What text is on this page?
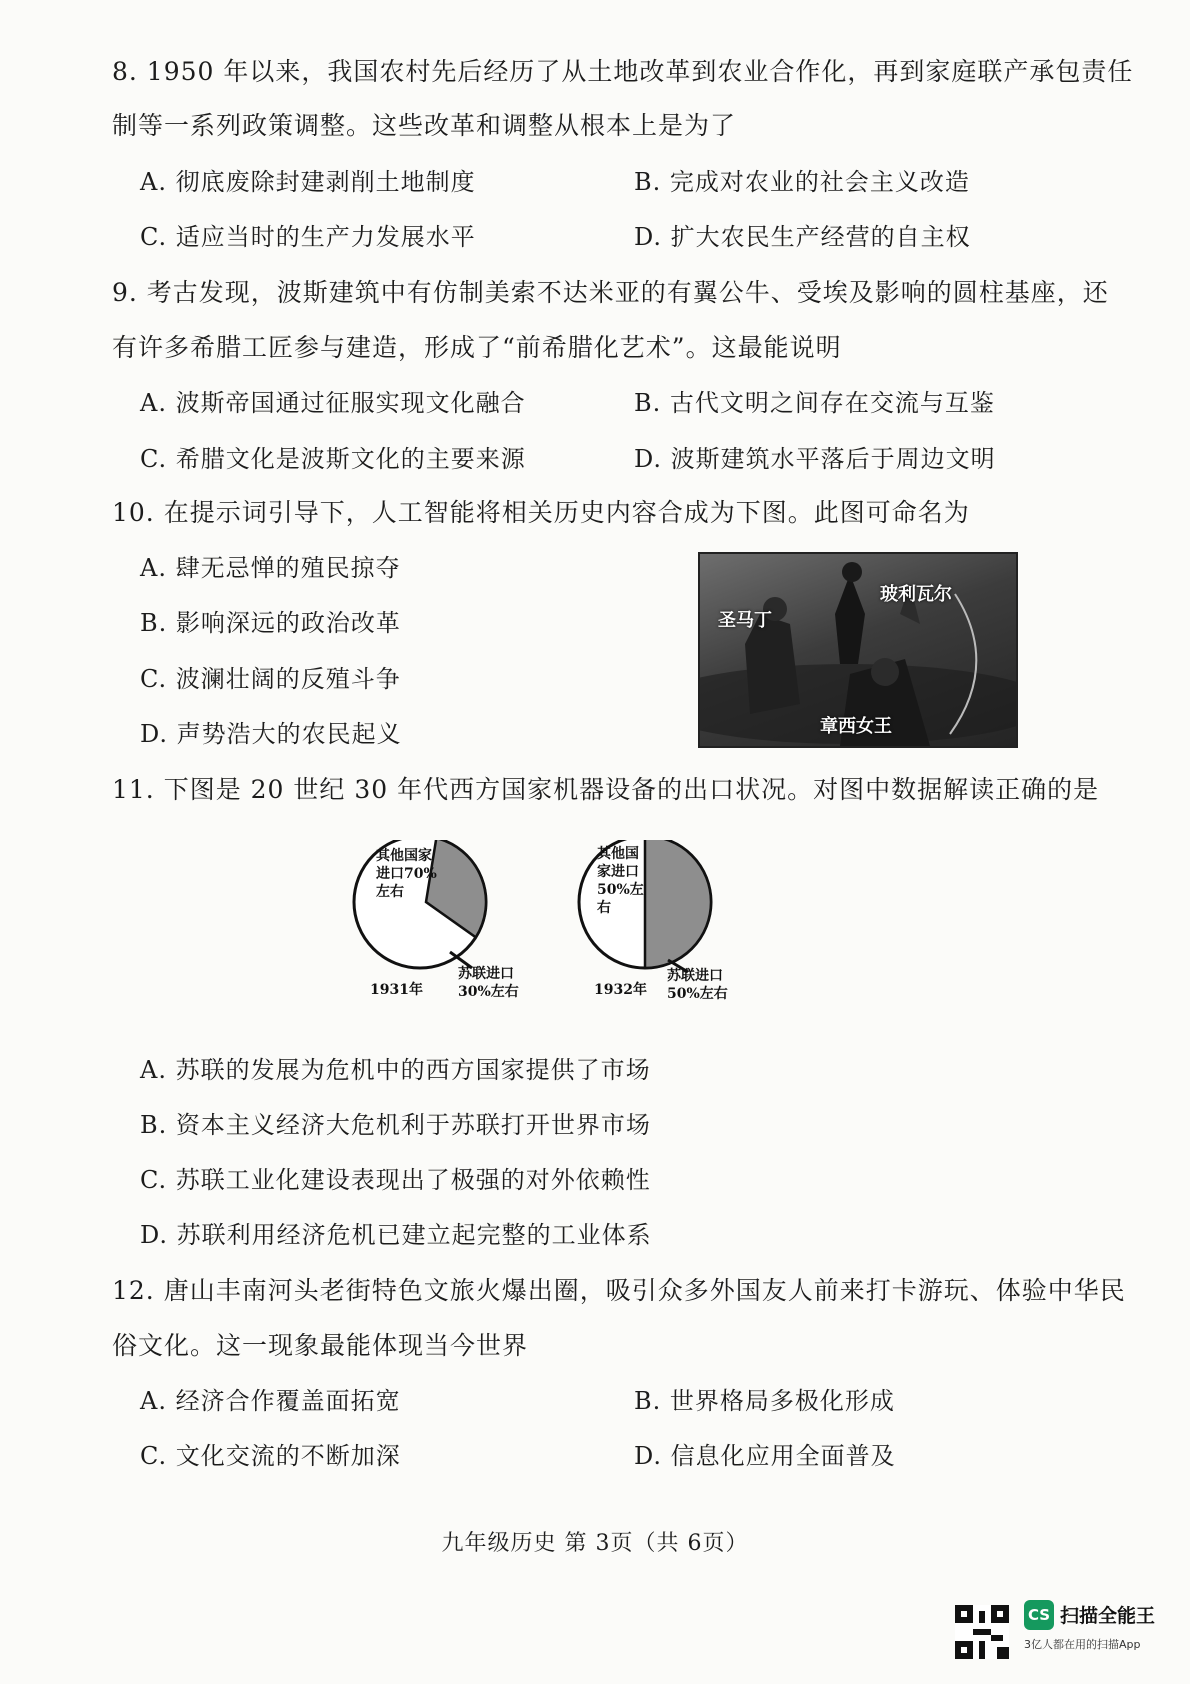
8. 1950 年以来，我国农村先后经历了从土地改革到农业合作化，再到家庭联产承包责任
制等一系列政策调整。这些改革和调整从根本上是为了
A. 彻底废除封建剥削土地制度	B. 完成对农业的社会主义改造
C. 适应当时的生产力发展水平	D. 扩大农民生产经营的自主权
9. 考古发现，波斯建筑中有仿制美索不达米亚的有翼公牛、受埃及影响的圆柱基座，还
有许多希腊工匠参与建造，形成了“前希腊化艺术”。这最能说明
A. 波斯帝国通过征服实现文化融合	B. 古代文明之间存在交流与互鉴
C. 希腊文化是波斯文化的主要来源	D. 波斯建筑水平落后于周边文明
10. 在提示词引导下，人工智能将相关历史内容合成为下图。此图可命名为
A. 肆无忌惮的殖民掠夺
B. 影响深远的政治改革
C. 波澜壮阔的反殖斗争
D. 声势浩大的农民起义
玻利瓦尔
圣马丁
章西女王
11. 下图是 20 世纪 30 年代西方国家机器设备的出口状况。对图中数据解读正确的是
其他国家
进口70%
左右
苏联进口
30%左右
1931年
其他国
家进口
50%左
右
苏联进口
50%左右
1932年
A. 苏联的发展为危机中的西方国家提供了市场
B. 资本主义经济大危机利于苏联打开世界市场
C. 苏联工业化建设表现出了极强的对外依赖性
D. 苏联利用经济危机已建立起完整的工业体系
12. 唐山丰南河头老街特色文旅火爆出圈，吸引众多外国友人前来打卡游玩、体验中华民
俗文化。这一现象最能体现当今世界
A. 经济合作覆盖面拓宽	B. 世界格局多极化形成
C. 文化交流的不断加深	D. 信息化应用全面普及
九年级历史 第 3页（共 6页）
CS 扫描全能王
3亿人都在用的扫描App
